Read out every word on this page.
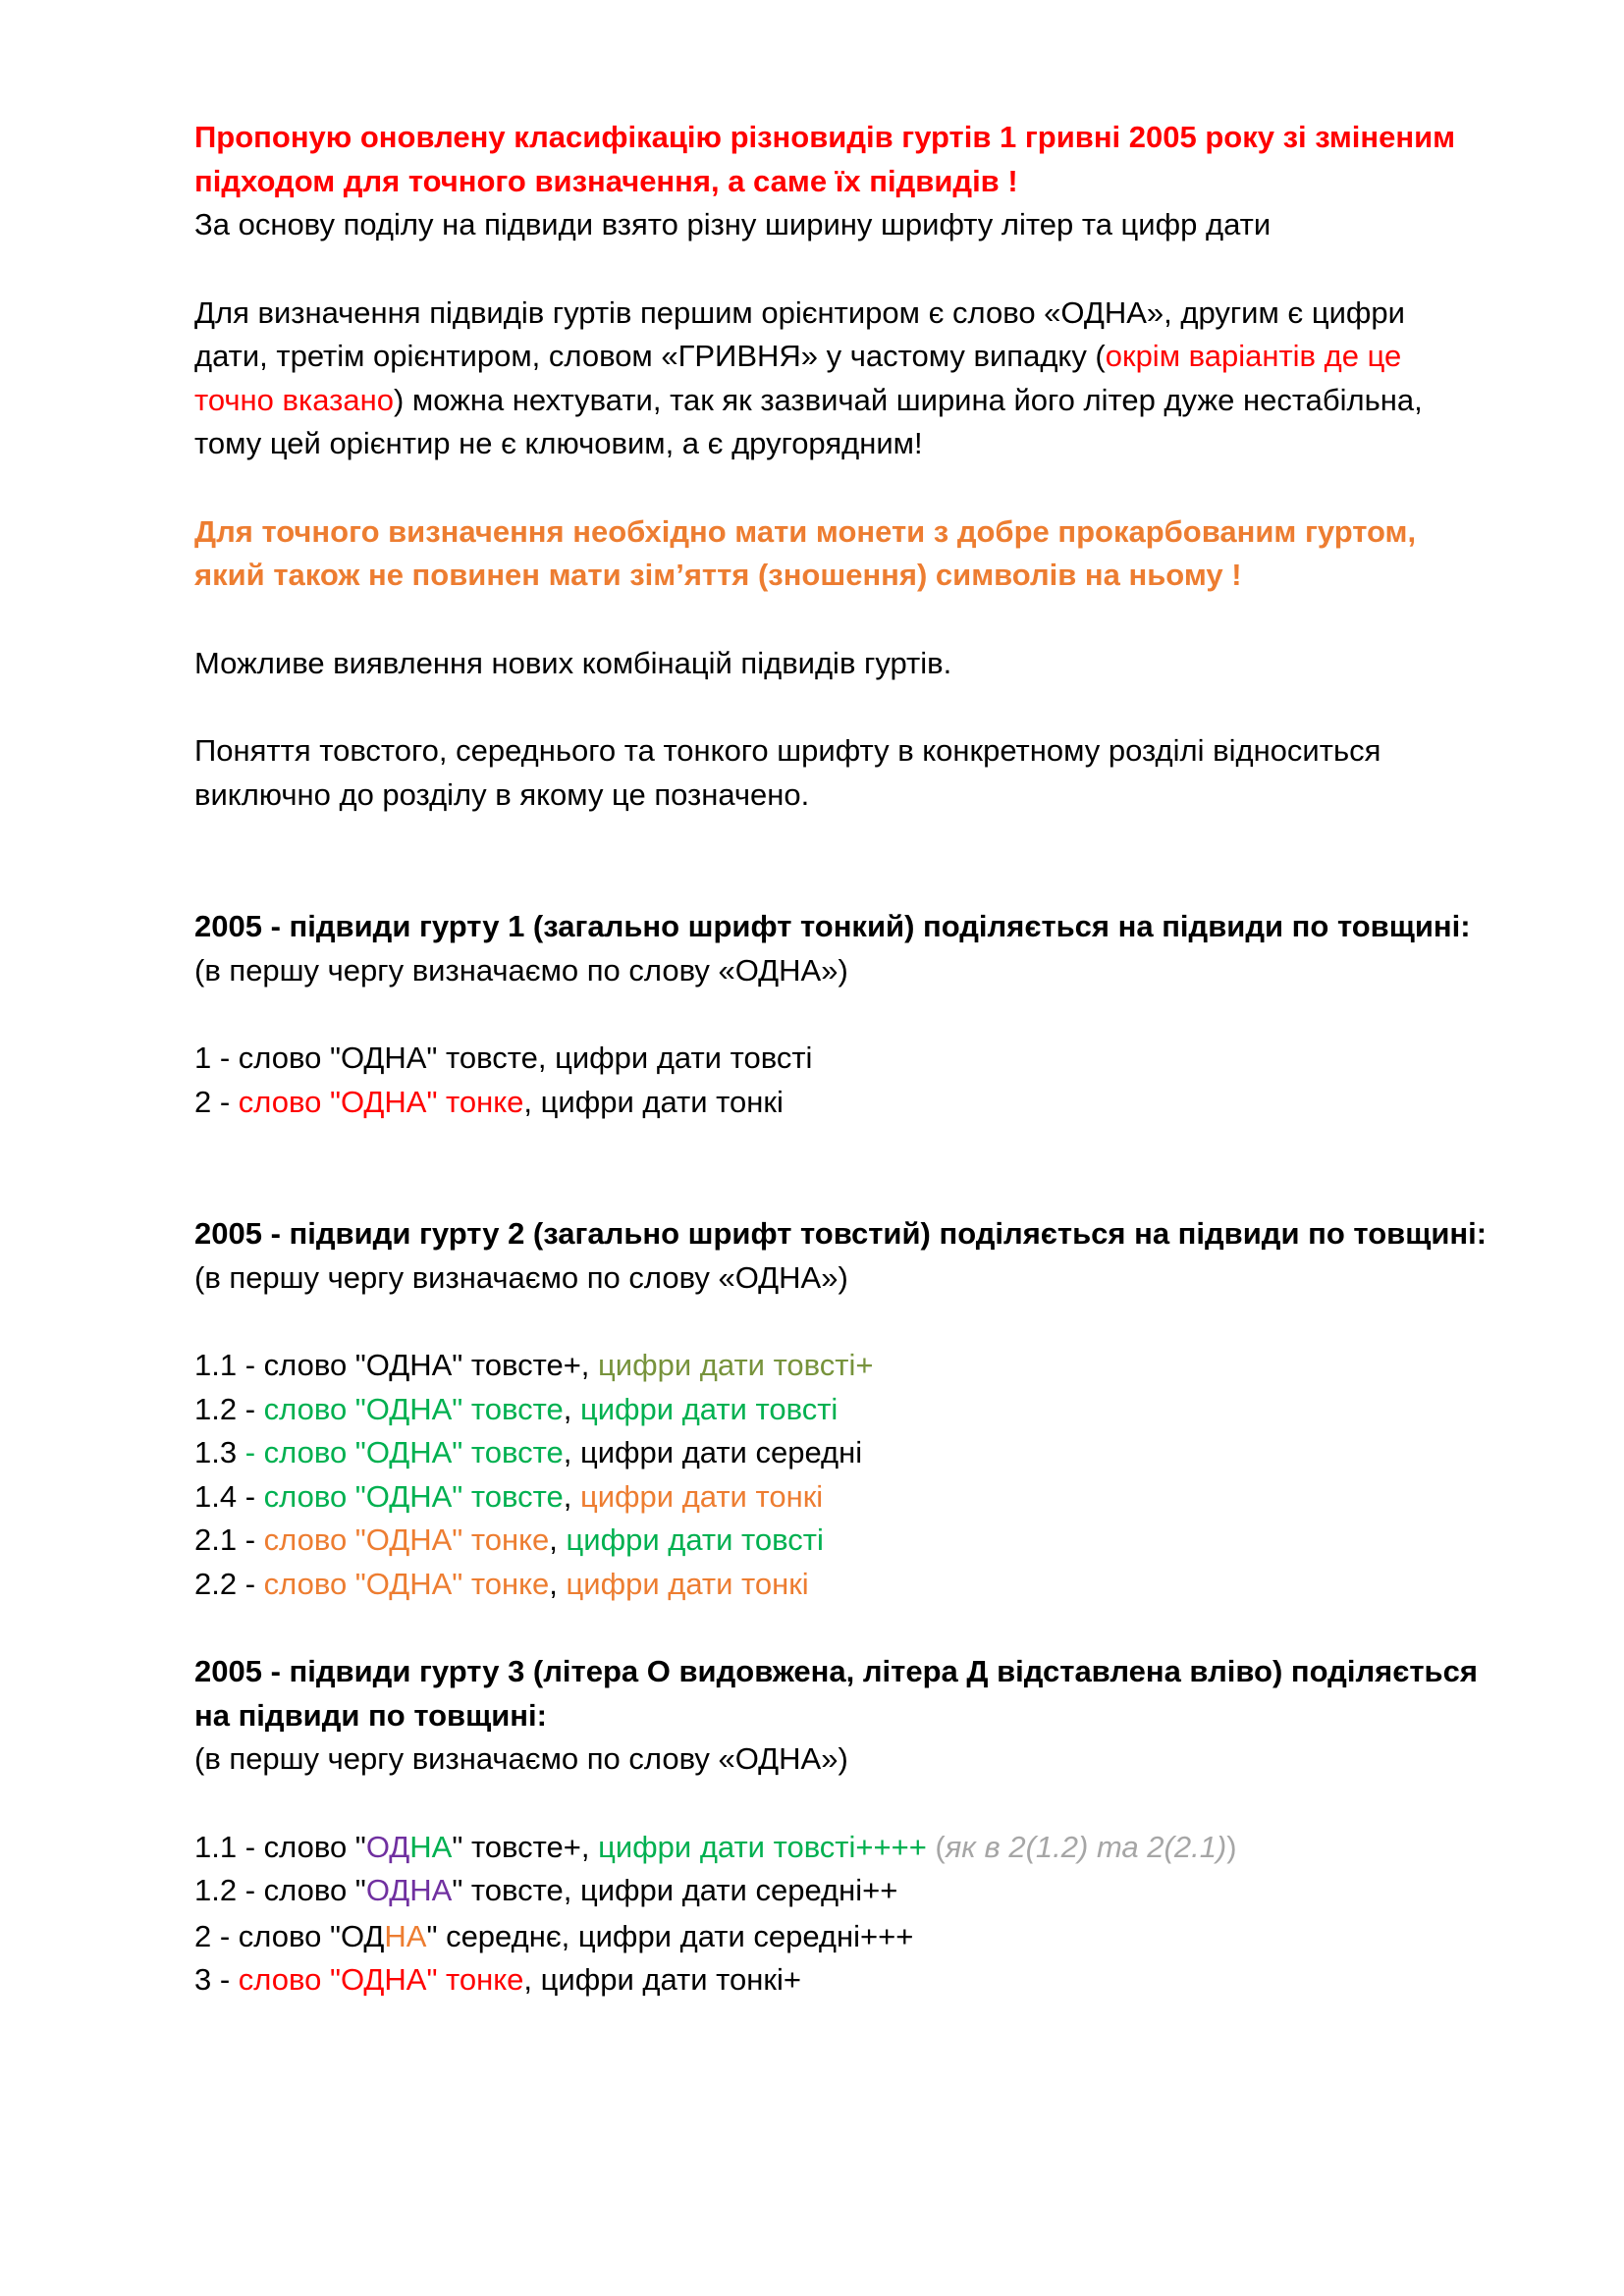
Пропоную оновлену класифікацію різновидів гуртів 1 гривні 2005 року зі зміненим

підходом для точного визначення, а саме їх підвидів !

За основу поділу на підвиди взято різну ширину шрифту літер та цифр дати

Для визначення підвидів гуртів першим орієнтиром є слово «ОДНА», другим є цифри

дати, третім орієнтиром, словом «ГРИВНЯ» у частому випадку (окрім варіантів де це

точно вказано) можна нехтувати, так як зазвичай ширина його літер дуже нестабільна,

тому цей орієнтир не є ключовим, а є другорядним!

Для точного визначення необхідно мати монети з добре прокарбованим гуртом,

який також не повинен мати зім’яття (зношення) символів на ньому !

Можливе виявлення нових комбінацій підвидів гуртів.

Поняття товстого, середнього та тонкого шрифту в конкретному розділі відноситься

виключно до розділу в якому це позначено.

2005 - підвиди гурту 1 (загально шрифт тонкий) поділяється на підвиди по товщині:

(в першу чергу визначаємо по слову «ОДНА»)

1 - слово "ОДНА" товсте, цифри дати товсті

2 - слово "ОДНА" тонке, цифри дати тонкі

2005 - підвиди гурту 2 (загально шрифт товстий) поділяється на підвиди по товщині:

(в першу чергу визначаємо по слову «ОДНА»)

1.1 - слово "ОДНА" товсте+, цифри дати товсті+

1.2 - слово "ОДНА" товсте, цифри дати товсті

1.3 - слово "ОДНА" товсте, цифри дати середні

1.4 - слово "ОДНА" товсте, цифри дати тонкі

2.1 - слово "ОДНА" тонке, цифри дати товсті

2.2 - слово "ОДНА" тонке, цифри дати тонкі

2005 - підвиди гурту 3 (літера О видовжена, літера Д відставлена вліво) поділяється

на підвиди по товщині:

(в першу чергу визначаємо по слову «ОДНА»)

1.1 - слово "ОДНА" товсте+, цифри дати товсті++++ (як в 2(1.2) та 2(2.1))

1.2 - слово "ОДНА" товсте, цифри дати середні++

2 - слово "ОДНА" середнє, цифри дати середні+++

3 - слово "ОДНА" тонке, цифри дати тонкі+
